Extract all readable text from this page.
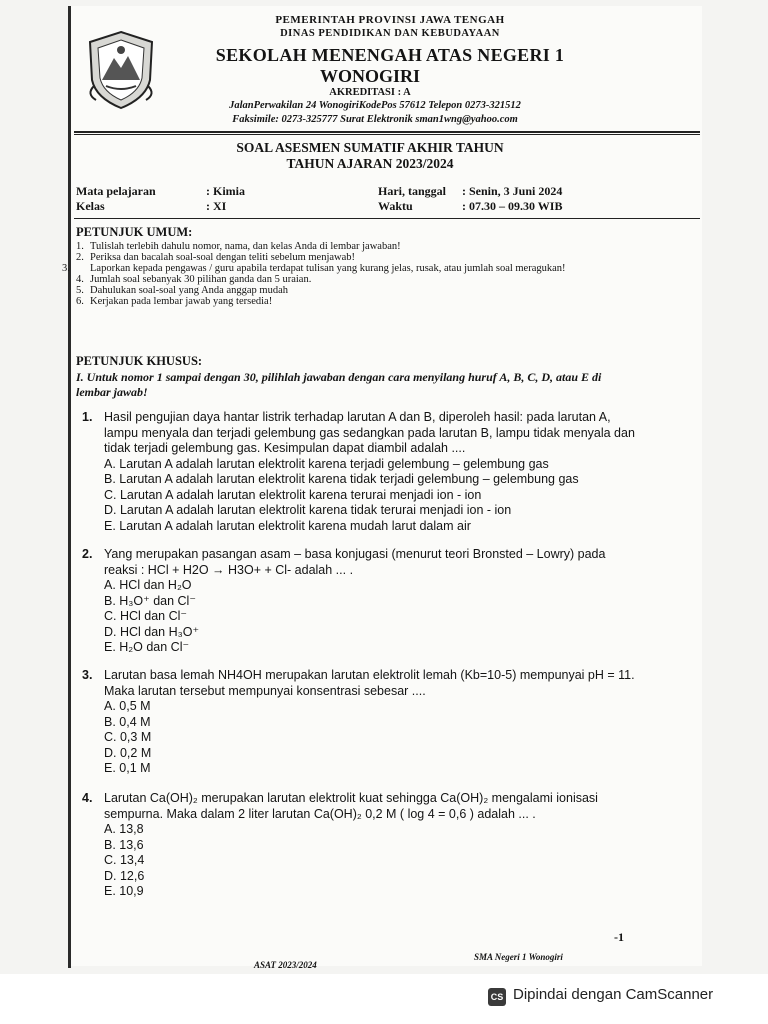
PEMERINTAH PROVINSI JAWA TENGAH
DINAS PENDIDIKAN DAN KEBUDAYAAN
SEKOLAH MENENGAH ATAS NEGERI 1
WONOGIRI
AKREDITASI : A
JalanPerwakilan 24 WonogiriKodePos 57612 Telepon 0273-321512
Faksimile: 0273-325777 Surat Elektronik sman1wng@yahoo.com
SOAL ASESMEN SUMATIF AKHIR TAHUN
TAHUN AJARAN 2023/2024
Mata pelajaran	: Kimia	Hari, tanggal : Senin, 3 Juni 2024
Kelas	: XI	Waktu	: 07.30 – 09.30 WIB
PETUNJUK UMUM:
1. Tulislah terlebih dahulu nomor, nama, dan kelas Anda di lembar jawaban!
2. Periksa dan bacalah soal-soal dengan teliti sebelum menjawab!
3. Laporkan kepada pengawas / guru apabila terdapat tulisan yang kurang jelas, rusak, atau jumlah soal meragukan!
4. Jumlah soal sebanyak 30 pilihan ganda dan 5 uraian.
5. Dahulukan soal-soal yang Anda anggap mudah
6. Kerjakan pada lembar jawab yang tersedia!
PETUNJUK KHUSUS:
I. Untuk nomor 1 sampai dengan 30, pilihlah jawaban dengan cara menyilang huruf A, B, C, D, atau E di lembar jawab!
1. Hasil pengujian daya hantar listrik terhadap larutan A dan B, diperoleh hasil: pada larutan A, lampu menyala dan terjadi gelembung gas sedangkan pada larutan B, lampu tidak menyala dan tidak terjadi gelembung gas. Kesimpulan dapat diambil adalah ....
A. Larutan A adalah larutan elektrolit karena terjadi gelembung – gelembung gas
B. Larutan A adalah larutan elektrolit karena tidak terjadi gelembung – gelembung gas
C. Larutan A adalah larutan elektrolit karena terurai menjadi ion - ion
D. Larutan A adalah larutan elektrolit karena tidak terurai menjadi ion - ion
E. Larutan A adalah larutan elektrolit karena mudah larut dalam air
2. Yang merupakan pasangan asam – basa konjugasi (menurut teori Bronsted – Lowry) pada reaksi : HCl + H2O → H3O+ + Cl- adalah ... .
A. HCl dan H₂O
B. H₃O⁺ dan Cl⁻
C. HCl dan Cl⁻
D. HCl dan H₃O⁺
E. H₂O dan Cl⁻
3. Larutan basa lemah NH4OH merupakan larutan elektrolit lemah (Kb=10-5) mempunyai pH = 11. Maka larutan tersebut mempunyai konsentrasi sebesar ....
A. 0,5 M
B. 0,4 M
C. 0,3 M
D. 0,2 M
E. 0,1 M
4. Larutan Ca(OH)₂ merupakan larutan elektrolit kuat sehingga Ca(OH)₂ mengalami ionisasi sempurna. Maka dalam 2 liter larutan Ca(OH)₂ 0,2 M ( log 4 = 0,6 ) adalah ... .
A. 13,8
B. 13,6
C. 13,4
D. 12,6
E. 10,9
-1
ASAT 2023/2024
SMA Negeri 1 Wonogiri
CS Dipindai dengan CamScanner
